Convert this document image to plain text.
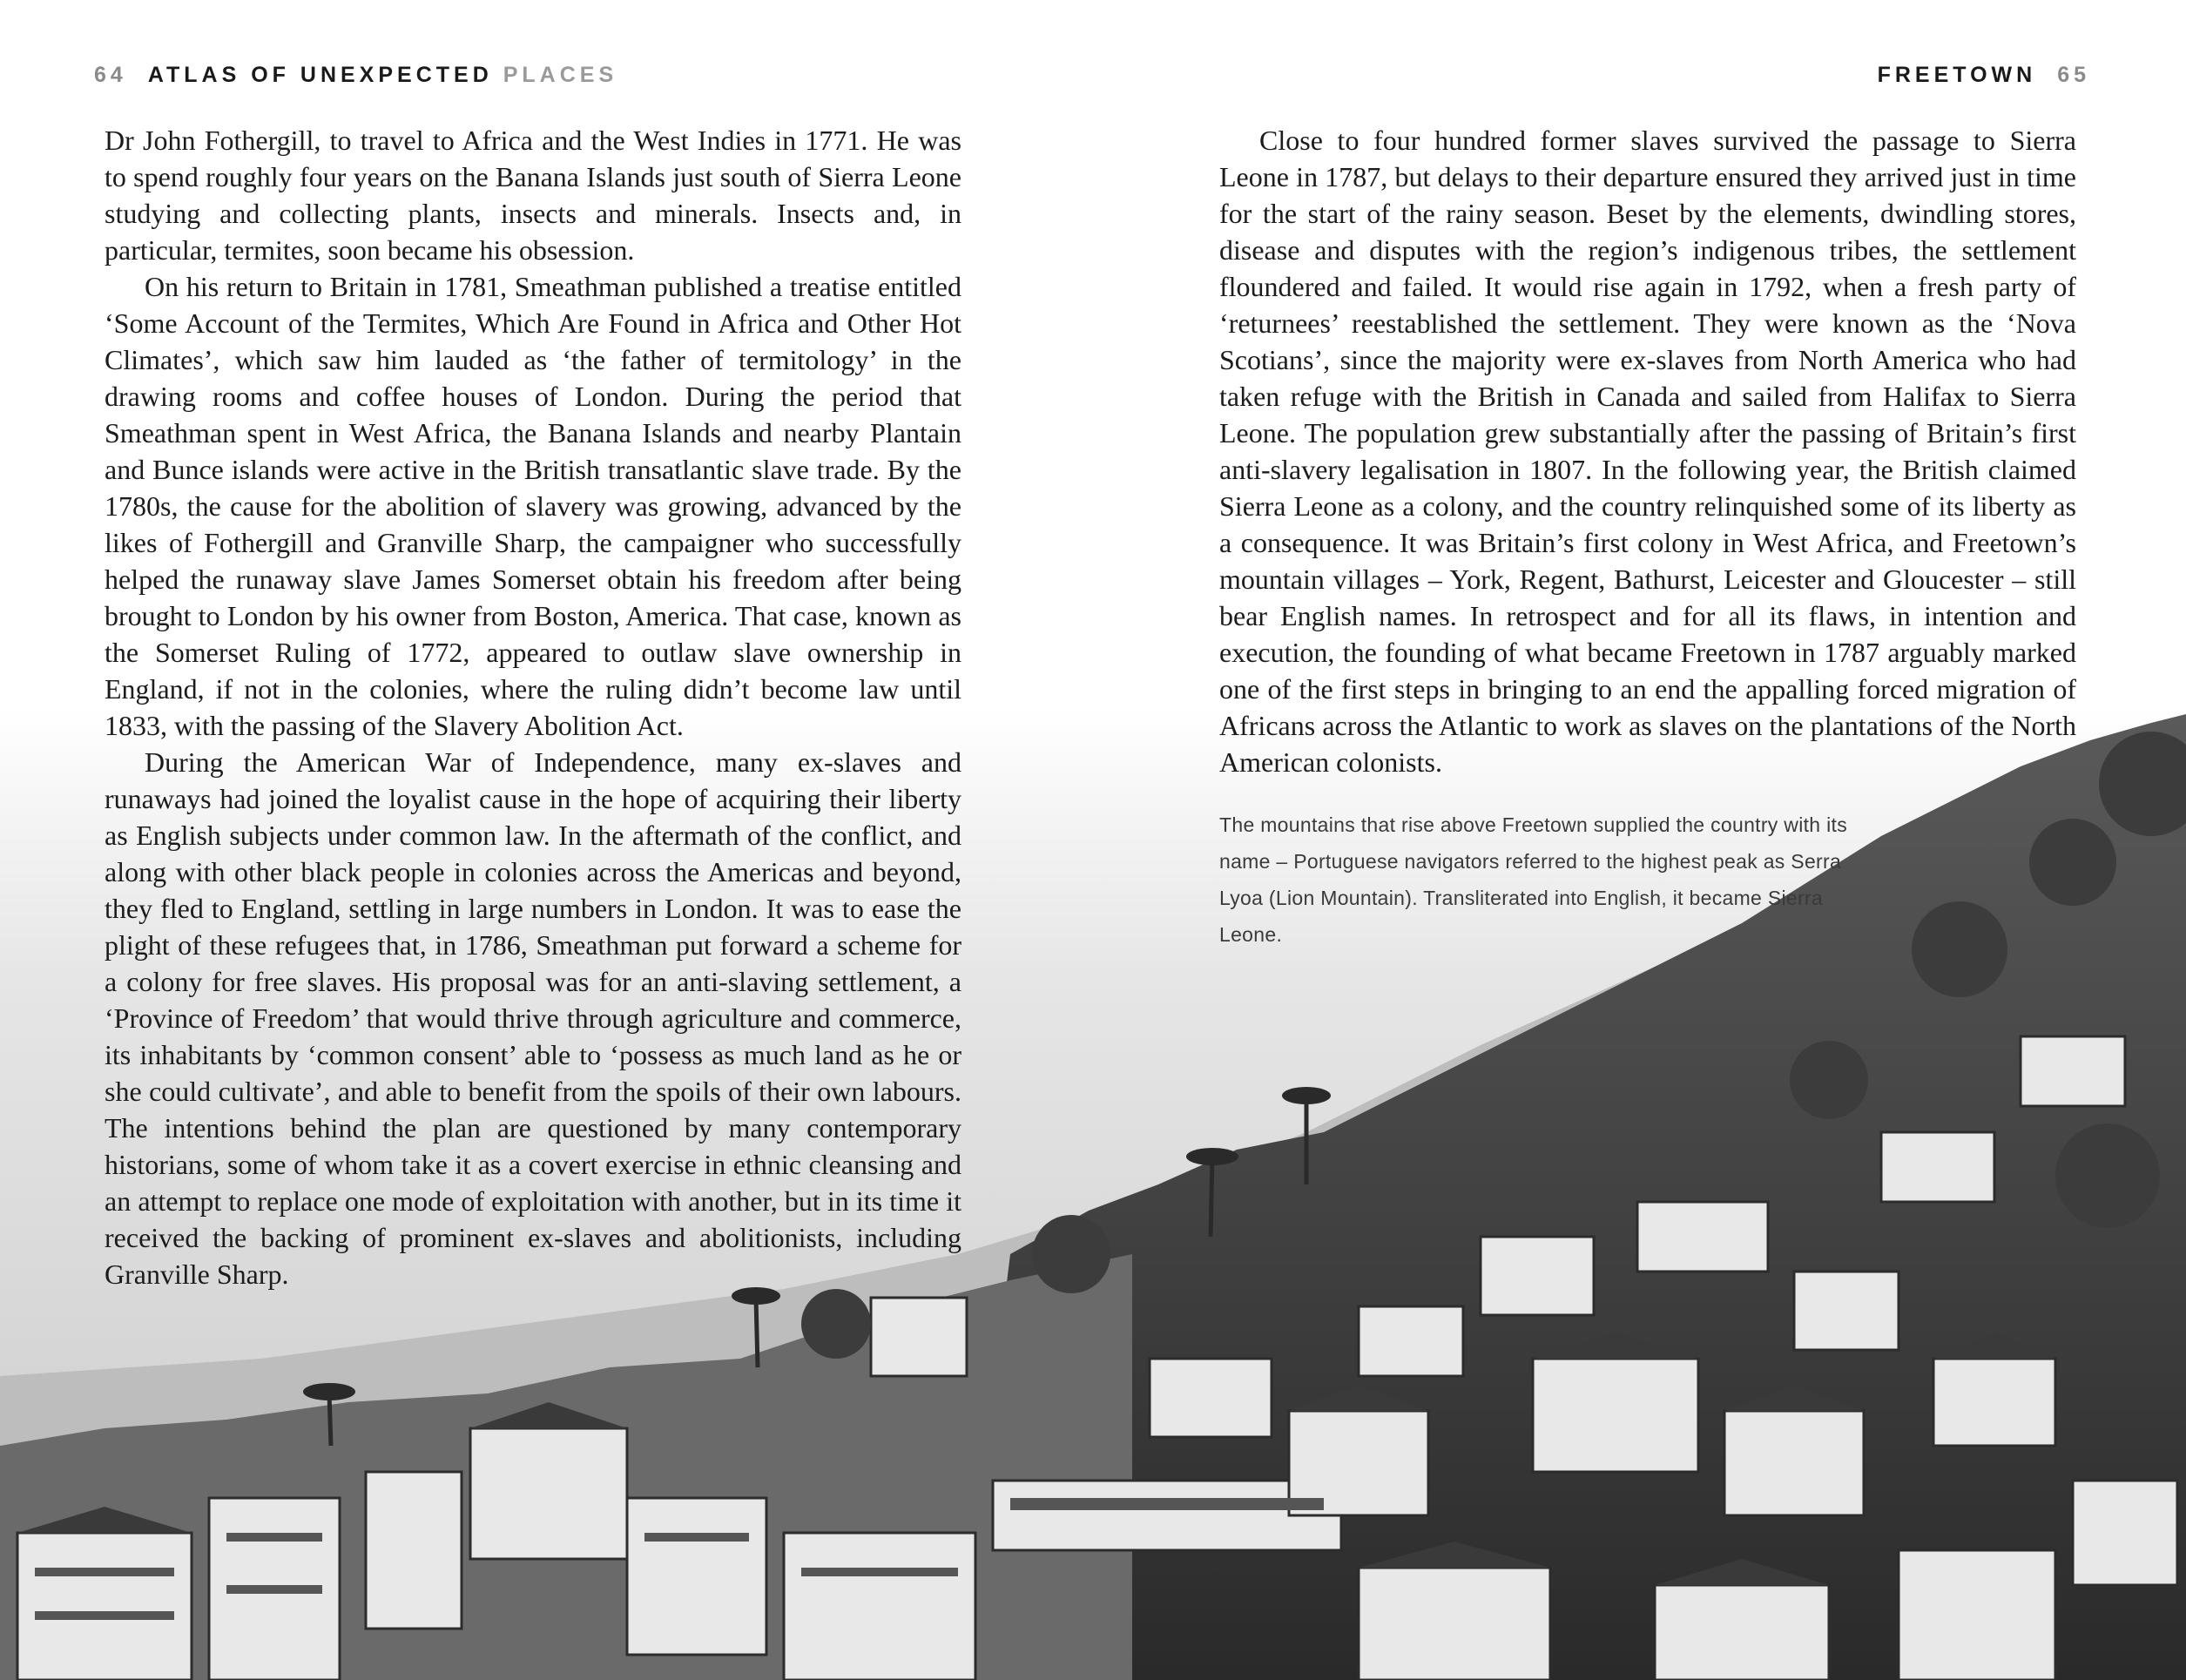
64 ATLAS OF UNEXPECTED PLACES

Dr John Fothergill, to travel to Africa and the West Indies in 1771. He was to spend roughly four years on the Banana Islands just south of Sierra Leone studying and collecting plants, insects and minerals. Insects and, in particular, termites, soon became his obsession.

On his return to Britain in 1781, Smeathman published a treatise entitled ‘Some Account of the Termites, Which Are Found in Africa and Other Hot Climates’, which saw him lauded as ‘the father of termitology’ in the drawing rooms and coffee houses of London. During the period that Smeathman spent in West Africa, the Banana Islands and nearby Plantain and Bunce islands were active in the British transatlantic slave trade. By the 1780s, the cause for the abolition of slavery was growing, advanced by the likes of Fothergill and Granville Sharp, the campaigner who successfully helped the runaway slave James Somerset obtain his freedom after being brought to London by his owner from Boston, America. That case, known as the Somerset Ruling of 1772, appeared to outlaw slave ownership in England, if not in the colonies, where the ruling didn’t become law until 1833, with the passing of the Slavery Abolition Act.

During the American War of Independence, many ex-slaves and runaways had joined the loyalist cause in the hope of acquiring their liberty as English subjects under common law. In the aftermath of the conflict, and along with other black people in colonies across the Americas and beyond, they fled to England, settling in large numbers in London. It was to ease the plight of these refugees that, in 1786, Smeathman put forward a scheme for a colony for free slaves. His proposal was for an anti-slaving settlement, a ‘Province of Freedom’ that would thrive through agriculture and commerce, its inhabitants by ‘common consent’ able to ‘possess as much land as he or she could cultivate’, and able to benefit from the spoils of their own labours. The intentions behind the plan are questioned by many contemporary historians, some of whom take it as a covert exercise in ethnic cleansing and an attempt to replace one mode of exploitation with another, but in its time it received the backing of prominent ex-slaves and abolitionists, including Granville Sharp.

FREETOWN 65

Close to four hundred former slaves survived the passage to Sierra Leone in 1787, but delays to their departure ensured they arrived just in time for the start of the rainy season. Beset by the elements, dwindling stores, disease and disputes with the region’s indigenous tribes, the settlement floundered and failed. It would rise again in 1792, when a fresh party of ‘returnees’ reestablished the settlement. They were known as the ‘Nova Scotians’, since the majority were ex-slaves from North America who had taken refuge with the British in Canada and sailed from Halifax to Sierra Leone. The population grew substantially after the passing of Britain’s first anti-slavery legalisation in 1807. In the following year, the British claimed Sierra Leone as a colony, and the country relinquished some of its liberty as a consequence. It was Britain’s first colony in West Africa, and Freetown’s mountain villages – York, Regent, Bathurst, Leicester and Gloucester – still bear English names. In retrospect and for all its flaws, in intention and execution, the founding of what became Freetown in 1787 arguably marked one of the first steps in bringing to an end the appalling forced migration of Africans across the Atlantic to work as slaves on the plantations of the North American colonists.

The mountains that rise above Freetown supplied the country with its name – Portuguese navigators referred to the highest peak as Serra Lyoa (Lion Mountain). Transliterated into English, it became Sierra Leone.
